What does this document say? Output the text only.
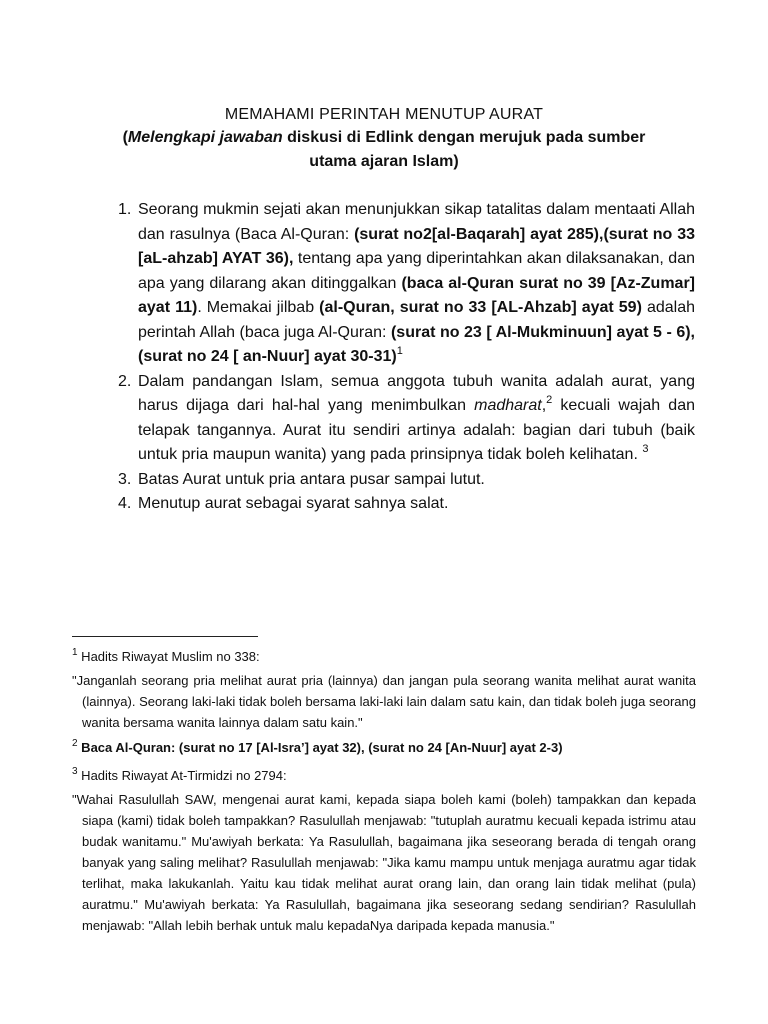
MEMAHAMI PERINTAH MENUTUP AURAT
(Melengkapi jawaban diskusi di Edlink dengan merujuk pada sumber
utama ajaran Islam)
1. Seorang mukmin sejati akan menunjukkan sikap tatalitas dalam mentaati Allah dan rasulnya (Baca Al-Quran: (surat no2[al-Baqarah] ayat 285),(surat no 33 [aL-ahzab] AYAT 36), tentang apa yang diperintahkan akan dilaksanakan, dan apa yang dilarang akan ditinggalkan (baca al-Quran surat no 39 [Az-Zumar] ayat 11). Memakai jilbab (al-Quran, surat no 33 [AL-Ahzab] ayat 59) adalah perintah Allah (baca juga Al-Quran: (surat no 23 [ Al-Mukminuun] ayat 5 - 6), (surat no 24 [ an-Nuur] ayat 30-31)$^1$
2. Dalam pandangan Islam, semua anggota tubuh wanita adalah aurat, yang harus dijaga dari hal-hal yang menimbulkan madharat,$^2$ kecuali wajah dan telapak tangannya. Aurat itu sendiri artinya adalah: bagian dari tubuh (baik untuk pria maupun wanita) yang pada prinsipnya tidak boleh kelihatan. $^3$
3. Batas Aurat untuk pria antara pusar sampai lutut.
4. Menutup aurat sebagai syarat sahnya salat.
$^1$ Hadits Riwayat Muslim no 338:
"Janganlah seorang pria melihat aurat pria (lainnya) dan jangan pula seorang wanita melihat aurat wanita (lainnya). Seorang laki-laki tidak boleh bersama laki-laki lain dalam satu kain, dan tidak boleh juga seorang wanita bersama wanita lainnya dalam satu kain."
$^2$ Baca Al-Quran: (surat no 17 [Al-Isra’] ayat 32), (surat no 24 [An-Nuur] ayat 2-3)
$^3$ Hadits Riwayat At-Tirmidzi no 2794:
"Wahai Rasulullah SAW, mengenai aurat kami, kepada siapa boleh kami (boleh) tampakkan dan kepada siapa (kami) tidak boleh tampakkan? Rasulullah menjawab: "tutuplah auratmu kecuali kepada istrimu atau budak wanitamu." Mu'awiyah berkata: Ya Rasulullah, bagaimana jika seseorang berada di tengah orang banyak yang saling melihat? Rasulullah menjawab: "Jika kamu mampu untuk menjaga auratmu agar tidak terlihat, maka lakukanlah. Yaitu kau tidak melihat aurat orang lain, dan orang lain tidak melihat (pula) auratmu." Mu'awiyah berkata: Ya Rasulullah, bagaimana jika seseorang sedang sendirian? Rasulullah menjawab: "Allah lebih berhak untuk malu kepadaNya daripada kepada manusia."
